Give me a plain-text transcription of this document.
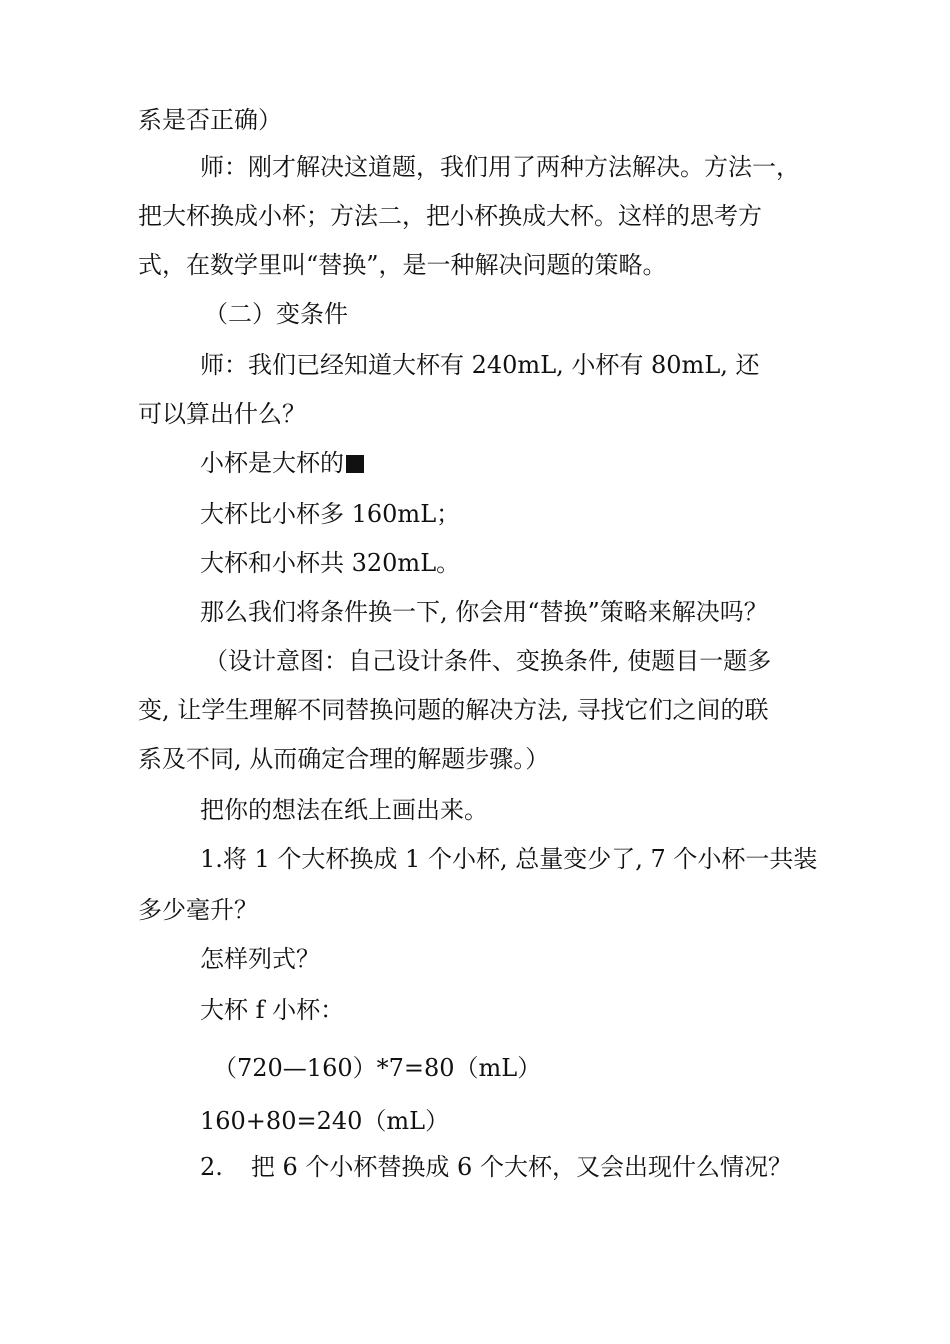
系是否正确）
师：刚才解决这道题，我们用了两种方法解决。方法一，
把大杯换成小杯；方法二，把小杯换成大杯。这样的思考方
式，在数学里叫“替换”，是一种解决问题的策略。
（二）变条件
师：我们已经知道大杯有 240mL, 小杯有 80mL, 还
可以算出什么？
小杯是大杯的
大杯比小杯多 160mL；
大杯和小杯共 320mL。
那么我们将条件换一下, 你会用“替换”策略来解决吗？
（设计意图：自己设计条件、变换条件, 使题目一题多
变, 让学生理解不同替换问题的解决方法, 寻找它们之间的联
系及不同, 从而确定合理的解题步骤。）
把你的想法在纸上画出来。
1.将 1 个大杯换成 1 个小杯, 总量变少了, 7 个小杯一共装
多少毫升？
怎样列式？
大杯 f 小杯：
（720—160）*7=80（mL）
160+80=240（mL）
2. 把 6 个小杯替换成 6 个大杯，又会出现什么情况？
